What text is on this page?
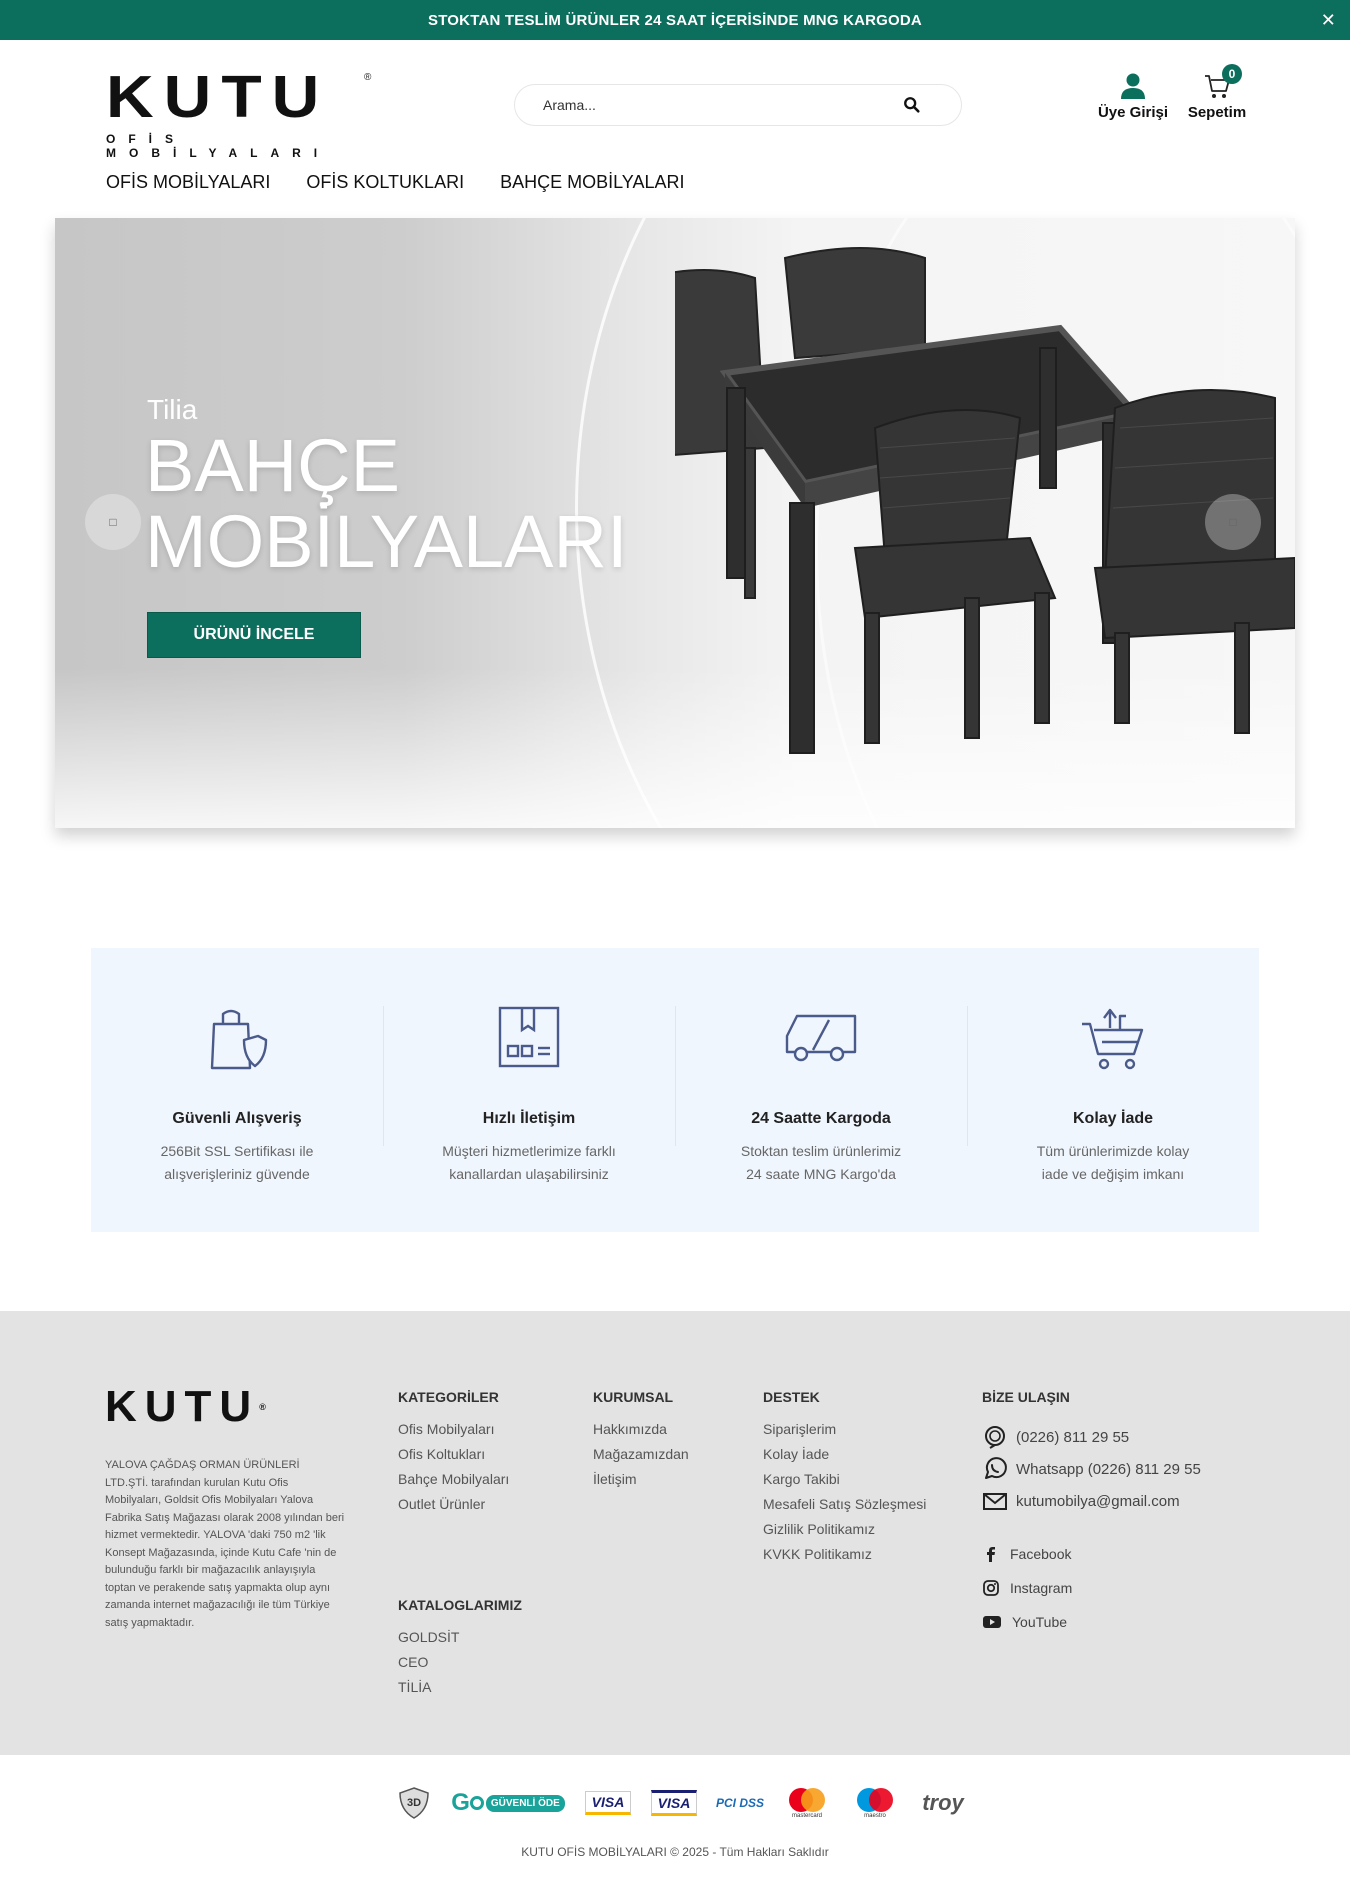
STOKTAN TESLİM ÜRÜNLER 24 SAAT İÇERİSİNDE MNG KARGODA	✕
KUTU	®
OFİS MOBİLYALARI
Arama...
Üye Girişi
0
Sepetim
OFİS MOBİLYALARI OFİS KOLTUKLARI BAHÇE MOBİLYALARI
Tilia
BAHÇE
MOBİLYALARI
ÜRÜNÜ İNCELE
□	□
Güvenli Alışveriş
256Bit SSL Sertifikası ile
alışverişleriniz güvende
Hızlı İletişim
Müşteri hizmetlerimize farklı
kanallardan ulaşabilirsiniz
24 Saatte Kargoda
Stoktan teslim ürünlerimiz
24 saate MNG Kargo'da
Kolay İade
Tüm ürünlerimizde kolay
iade ve değişim imkanı
KUTU®
YALOVA ÇAĞDAŞ ORMAN ÜRÜNLERİ LTD.ŞTİ. tarafından kurulan Kutu Ofis Mobilyaları, Goldsit Ofis Mobilyaları Yalova Fabrika Satış Mağazası olarak 2008 yılından beri hizmet vermektedir. YALOVA 'daki 750 m2 'lik Konsept Mağazasında, içinde Kutu Cafe 'nin de bulunduğu farklı bir mağazacılık anlayışıyla toptan ve perakende satış yapmakta olup aynı zamanda internet mağazacılığı ile tüm Türkiye satış yapmaktadır.
KATEGORİLER
Ofis Mobilyaları
Ofis Koltukları
Bahçe Mobilyaları
Outlet Ürünler
KATALOGLARIMIZ
GOLDSİT
CEO
TİLİA
KURUMSAL
Hakkımızda
Mağazamızdan
İletişim
DESTEK
Siparişlerim
Kolay İade
Kargo Takibi
Mesafeli Satış Sözleşmesi
Gizlilik Politikamız
KVKK Politikamız
BİZE ULAŞIN
(0226) 811 29 55
Whatsapp (0226) 811 29 55
kutumobilya@gmail.com
Facebook
Instagram
YouTube
3D G	GÜVENLİ ÖDE	VISA	VISA	PCI DSS
mastercard	maestro
troy
KUTU OFİS MOBİLYALARI © 2025 - Tüm Hakları Saklıdır
